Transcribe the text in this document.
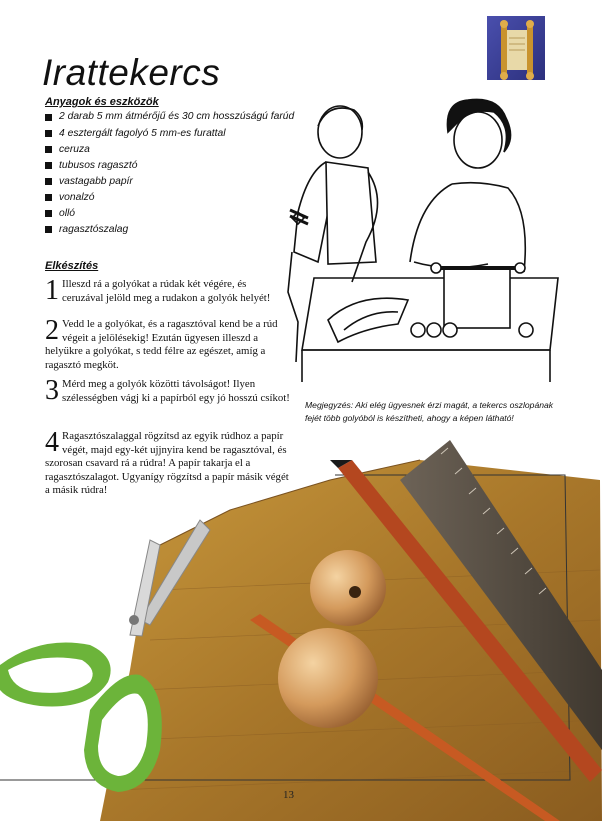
Irattekercs
Anyagok és eszközök
2 darab 5 mm átmérőjű és 30 cm hosszúságú farúd
4 esztergált fagolyó 5 mm-es furattal
ceruza
tubusos ragasztó
vastagabb papír
vonalzó
olló
ragasztószalag
Elkészítés
1 Illeszd rá a golyókat a rúdak két végére, és ceruzával jelöld meg a rudakon a golyók helyét!
2 Vedd le a golyókat, és a ragasztóval kend be a rúd végeit a jelölésekig! Ezután ügyesen illeszd a helyükre a golyókat, s tedd félre az egészet, amíg a ragasztó megköt.
3 Mérd meg a golyók közötti távolságot! Ilyen szélességben vágj ki a papírból egy jó hosszú csíkot!
4 Ragasztószalaggal rögzítsd az egyik rúdhoz a papír végét, majd egy-két ujjnyira kend be ragasztóval, és szorosan csavard rá a rúdra! A papír takarja el a ragasztószalagot. Ugyanígy rögzítsd a papír másik végét a másik rúdra!
Megjegyzés: Aki elég ügyesnek érzi magát, a tekercs oszlopának fejét több golyóból is készítheti, ahogy a képen látható!
13
